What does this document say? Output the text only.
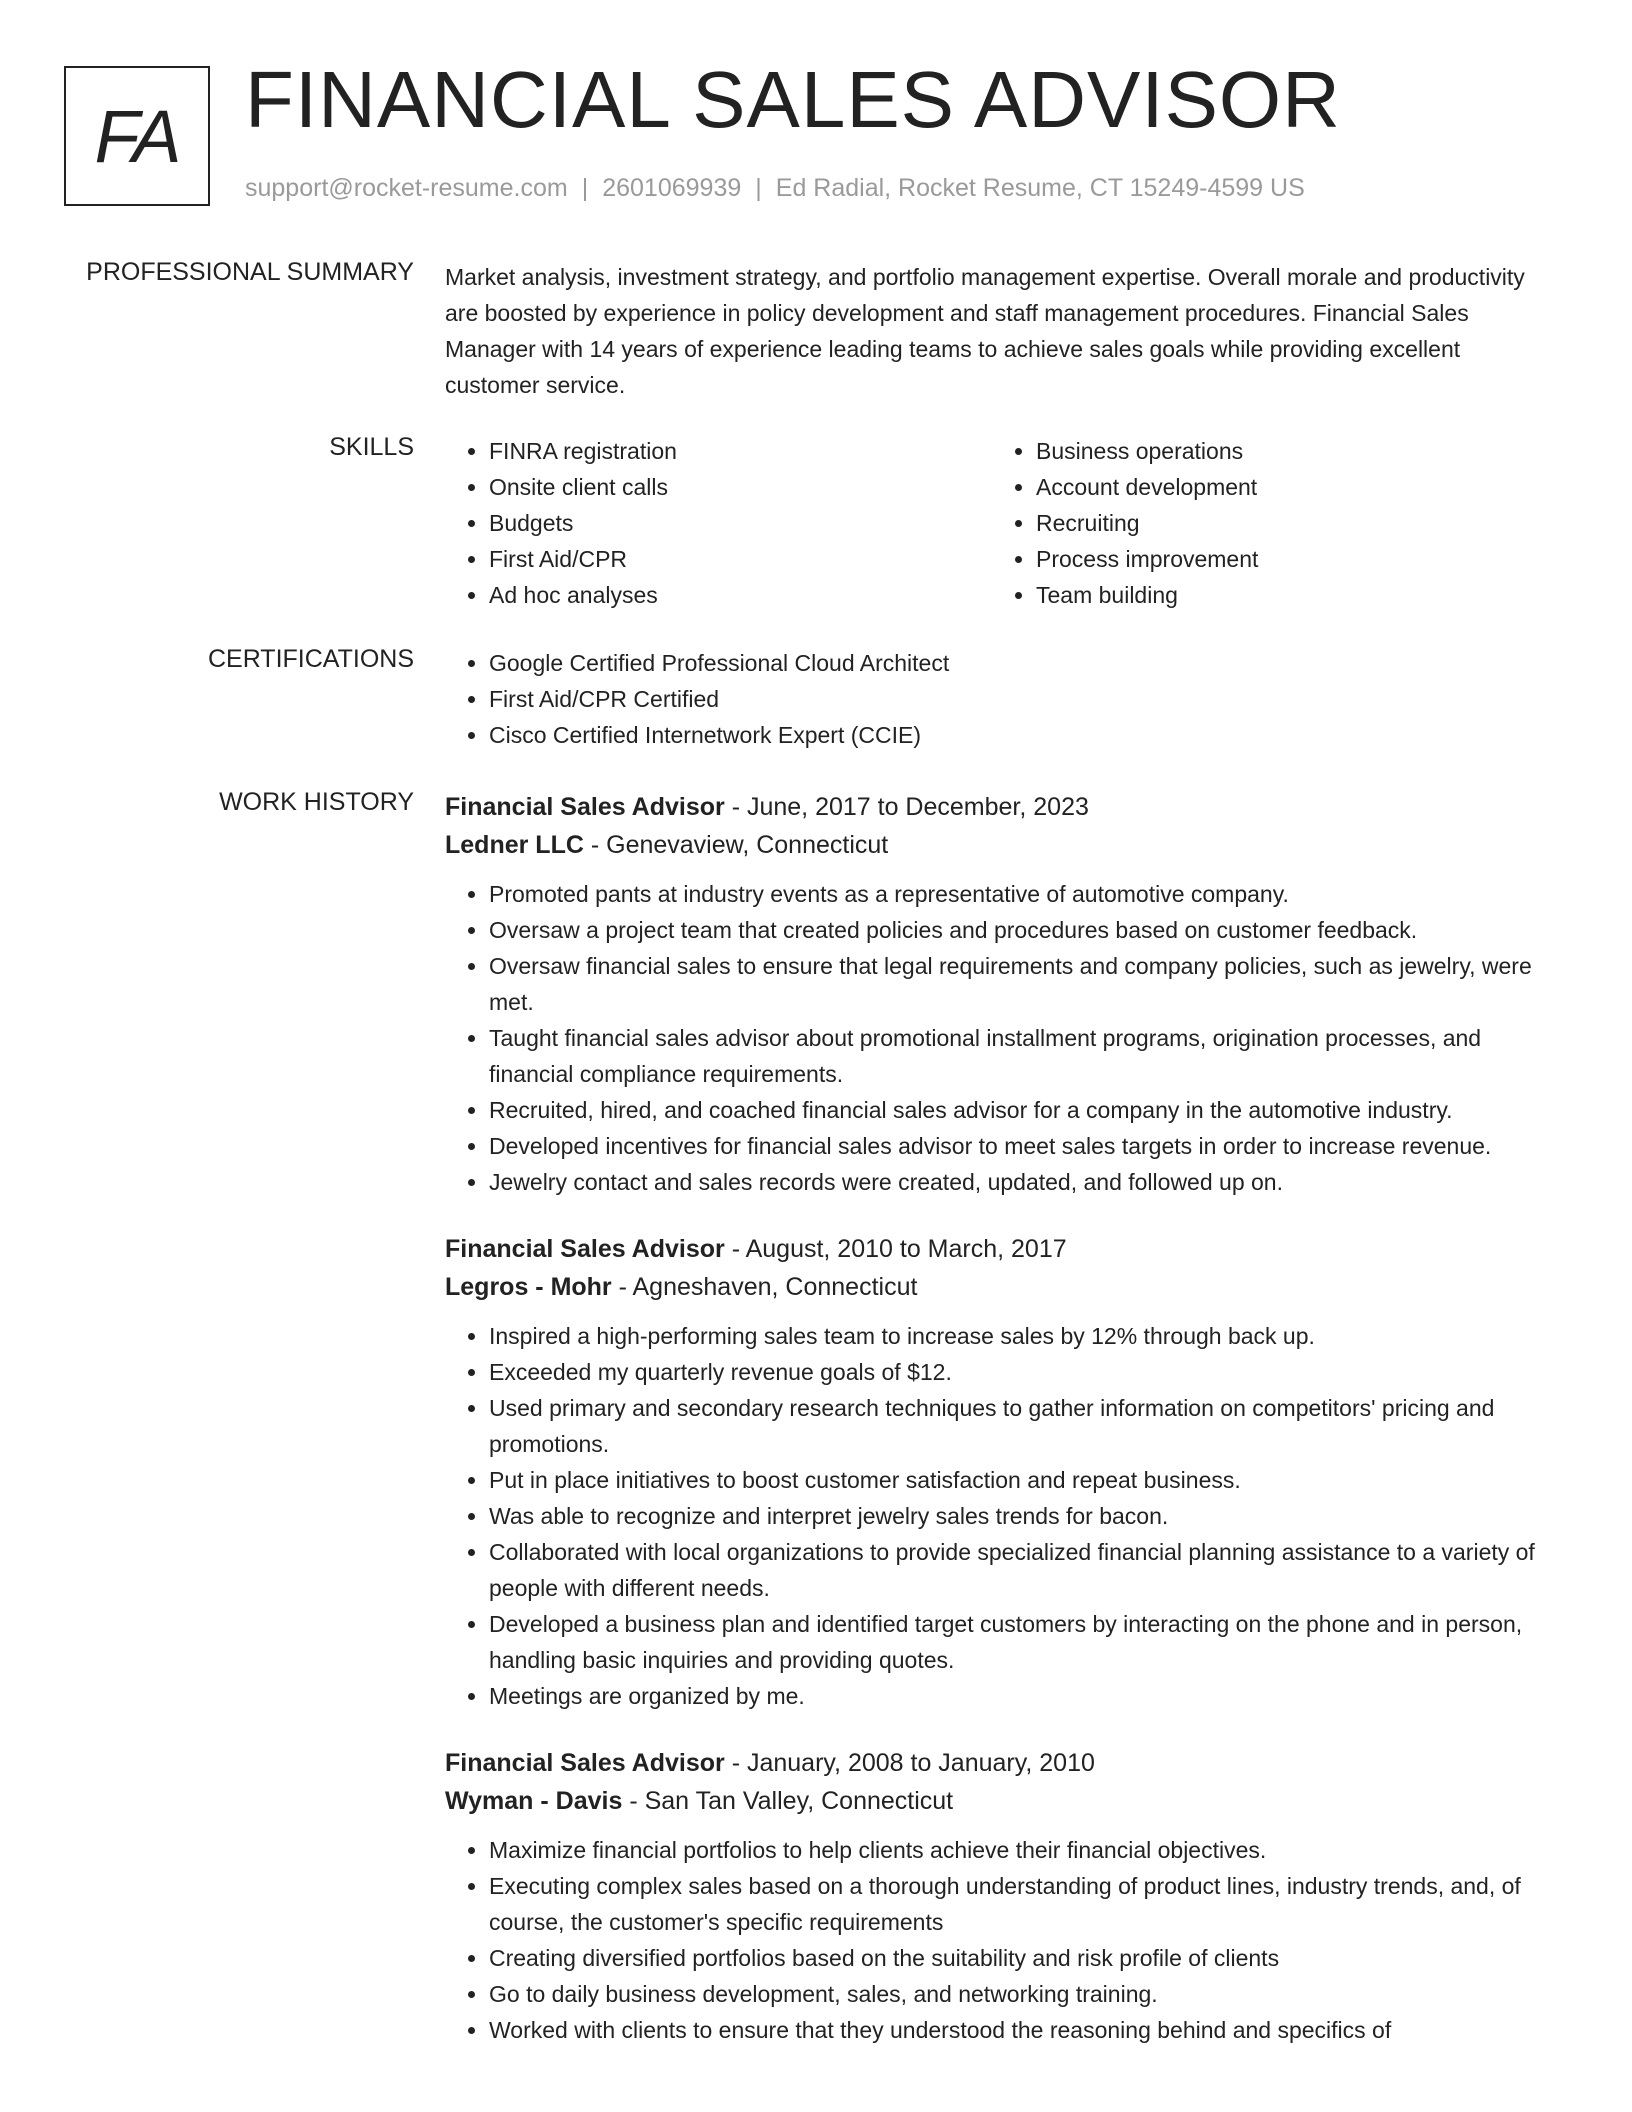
FA FINANCIAL SALES ADVISOR
support@rocket-resume.com | 2601069939 | Ed Radial, Rocket Resume, CT 15249-4599 US
PROFESSIONAL SUMMARY Market analysis, investment strategy, and portfolio management expertise. Overall morale and productivity are boosted by experience in policy development and staff management procedures. Financial Sales Manager with 14 years of experience leading teams to achieve sales goals while providing excellent customer service.

SKILLS	• FINRA registration
• Onsite client calls
• Budgets
• First Aid/CPR
• Ad hoc analyses
• Business operations
• Account development
• Recruiting
• Process improvement
• Team building
CERTIFICATIONS	• Google Certified Professional Cloud Architect
• First Aid/CPR Certified
• Cisco Certified Internetwork Expert (CCIE)
WORK HISTORY Financial Sales Advisor - June, 2017 to December, 2023
Ledner LLC - Genevaview, Connecticut
• Promoted pants at industry events as a representative of automotive company.
• Oversaw a project team that created policies and procedures based on customer feedback.
• Oversaw financial sales to ensure that legal requirements and company policies, such as jewelry, were met.
• Taught financial sales advisor about promotional installment programs, origination processes, and financial compliance requirements.
• Recruited, hired, and coached financial sales advisor for a company in the automotive industry.
• Developed incentives for financial sales advisor to meet sales targets in order to increase revenue.
• Jewelry contact and sales records were created, updated, and followed up on.
Financial Sales Advisor - August, 2010 to March, 2017
Legros - Mohr - Agneshaven, Connecticut
• Inspired a high-performing sales team to increase sales by 12% through back up.
• Exceeded my quarterly revenue goals of $12.
• Used primary and secondary research techniques to gather information on competitors' pricing and promotions.
• Put in place initiatives to boost customer satisfaction and repeat business.
• Was able to recognize and interpret jewelry sales trends for bacon.
• Collaborated with local organizations to provide specialized financial planning assistance to a variety of people with different needs.
• Developed a business plan and identified target customers by interacting on the phone and in person, handling basic inquiries and providing quotes.
• Meetings are organized by me.
Financial Sales Advisor - January, 2008 to January, 2010
Wyman - Davis - San Tan Valley, Connecticut
• Maximize financial portfolios to help clients achieve their financial objectives.
• Executing complex sales based on a thorough understanding of product lines, industry trends, and, of course, the customer's specific requirements
• Creating diversified portfolios based on the suitability and risk profile of clients
• Go to daily business development, sales, and networking training.
• Worked with clients to ensure that they understood the reasoning behind and specifics of
